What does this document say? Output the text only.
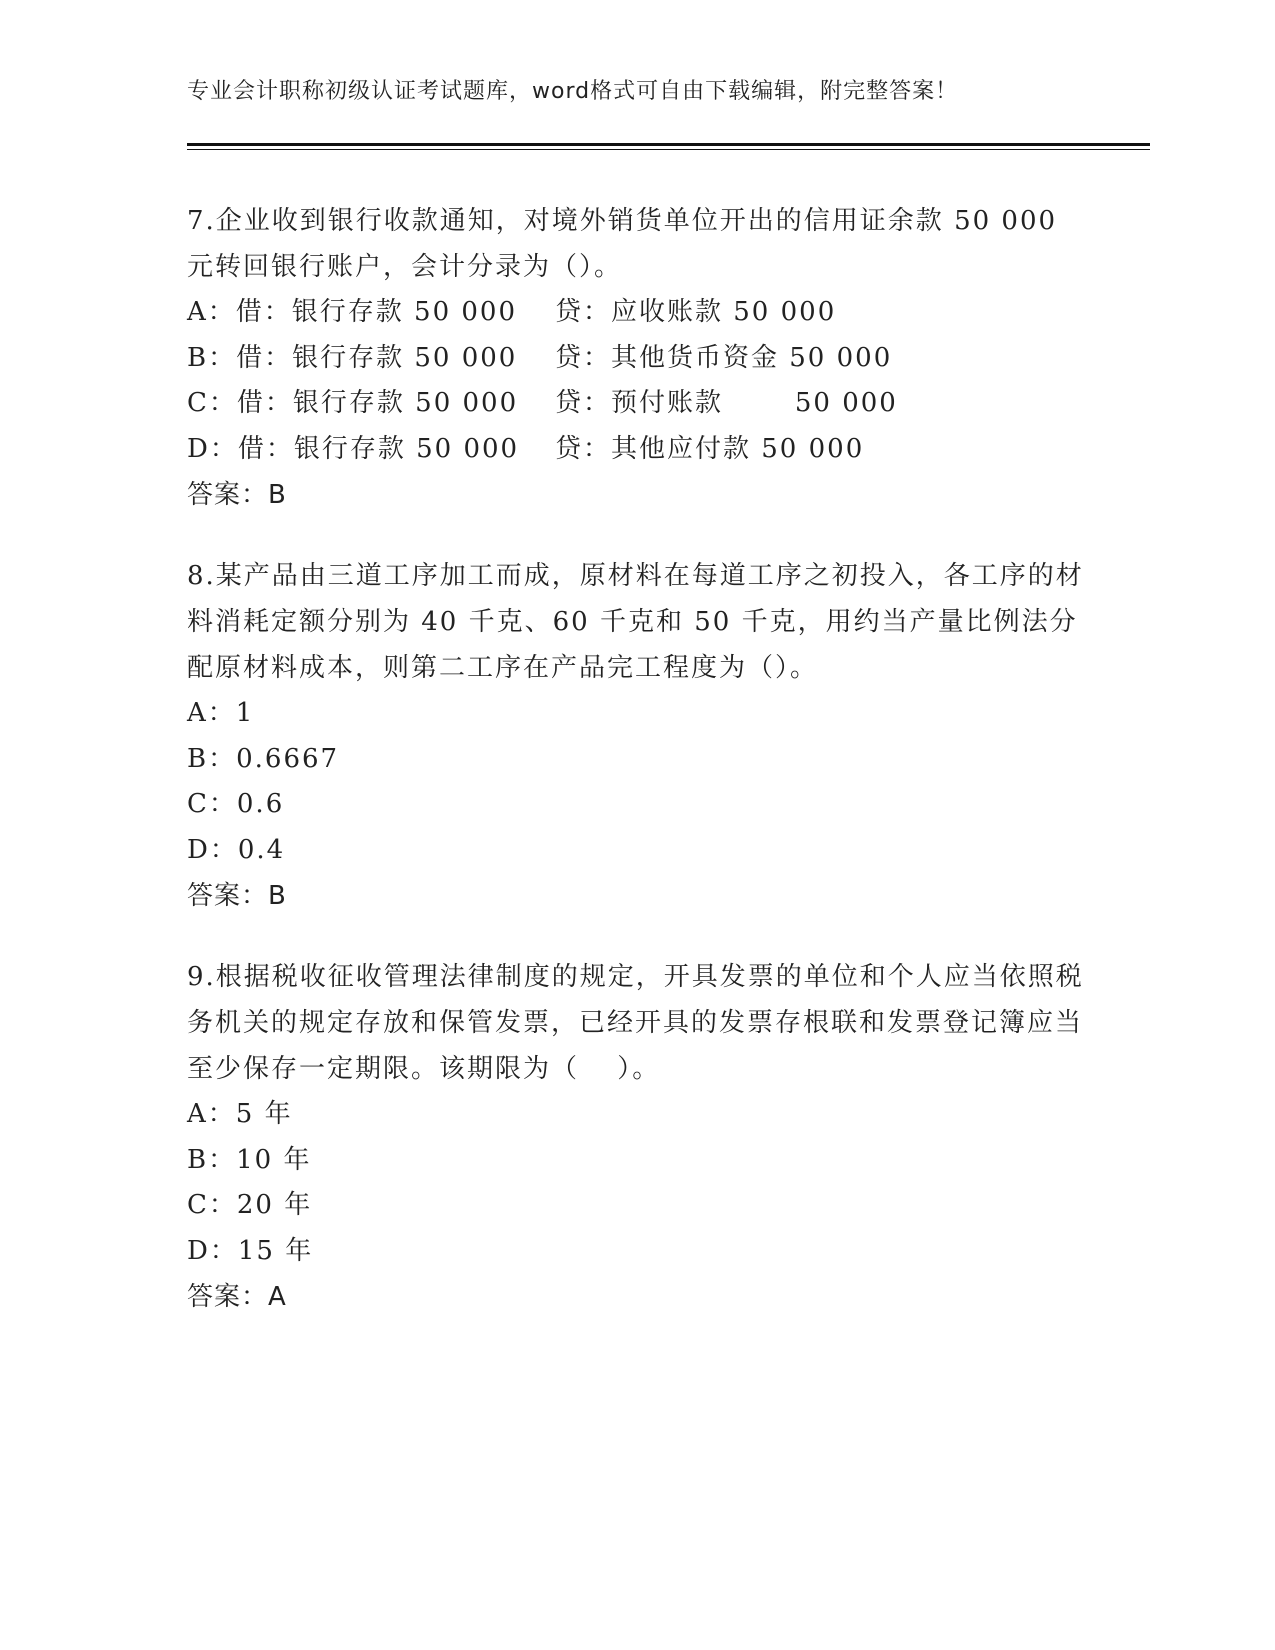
专业会计职称初级认证考试题库，word格式可自由下载编辑，附完整答案！
7.企业收到银行收款通知，对境外销货单位开出的信用证余款 50 000 元转回银行账户，会计分录为（）。
A：借：银行存款 50 000 贷：应收账款 50 000
B：借：银行存款 50 000 贷：其他货币资金 50 000
C：借：银行存款 50 000 贷：预付账款       50 000
D：借：银行存款 50 000 贷：其他应付款 50 000
答案：B
8.某产品由三道工序加工而成，原材料在每道工序之初投入，各工序的材料消耗定额分别为 40 千克、60 千克和 50 千克，用约当产量比例法分配原材料成本，则第二工序在产品完工程度为（）。
A：1
B：0.6667
C：0.6
D：0.4
答案：B
9.根据税收征收管理法律制度的规定，开具发票的单位和个人应当依照税务机关的规定存放和保管发票，已经开具的发票存根联和发票登记簿应当至少保存一定期限。该期限为（　 ）。
A：5 年
B：10 年
C：20 年
D：15 年
答案：A
